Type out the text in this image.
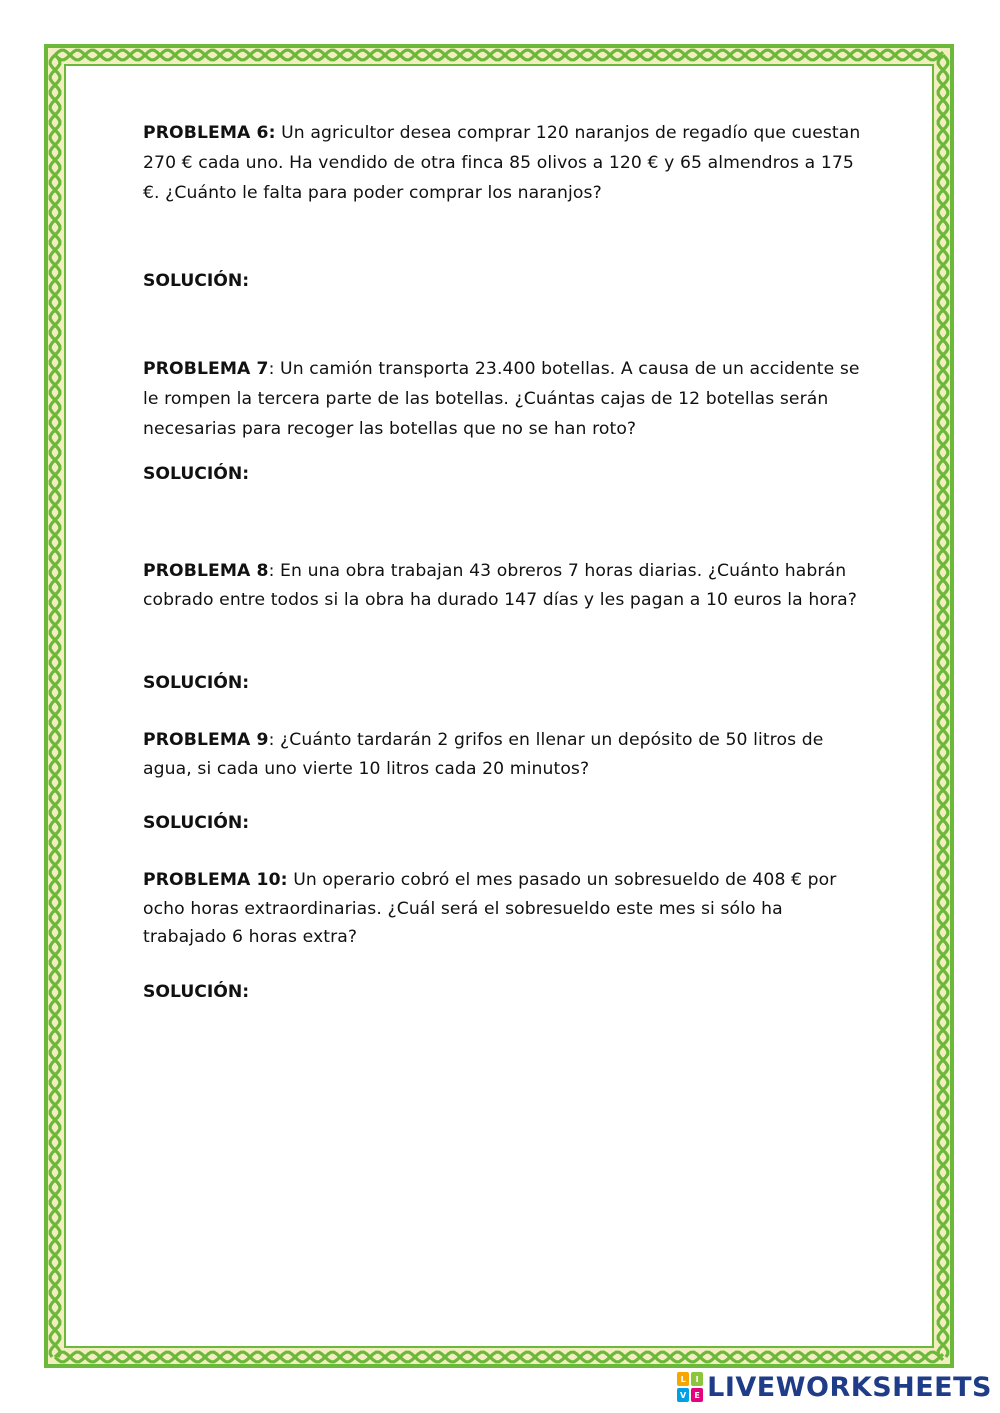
PROBLEMA 6: Un agricultor desea comprar 120 naranjos de regadío que cuestan 270 € cada uno. Ha vendido de otra finca 85 olivos a 120 € y 65 almendros a 175 €. ¿Cuánto le falta para poder comprar los naranjos?
SOLUCIÓN:
PROBLEMA 7: Un camión transporta 23.400 botellas. A causa de un accidente se le rompen la tercera parte de las botellas. ¿Cuántas cajas de 12 botellas serán necesarias para recoger las botellas que no se han roto?
SOLUCIÓN:
PROBLEMA 8: En una obra trabajan 43 obreros 7 horas diarias. ¿Cuánto habrán cobrado entre todos si la obra ha durado 147 días y les pagan a 10 euros la hora?
SOLUCIÓN:
PROBLEMA 9: ¿Cuánto tardarán 2 grifos en llenar un depósito de 50 litros de agua, si cada uno vierte 10 litros cada 20 minutos?
SOLUCIÓN:
PROBLEMA 10: Un operario cobró el mes pasado un sobresueldo de 408 € por ocho horas extraordinarias. ¿Cuál será el sobresueldo este mes si sólo ha trabajado 6 horas extra?
SOLUCIÓN:
L	I
V	E LIVEWORKSHEETS
